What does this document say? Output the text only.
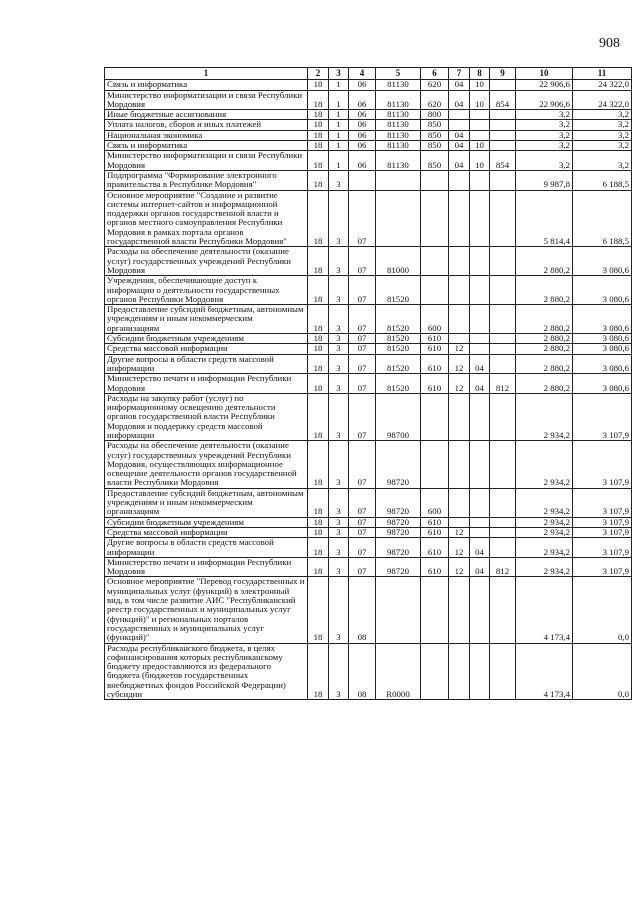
908
1	2	3	4	5	6	7	8	9	10	11
Связь и информатика	18	1	06	81130	620	04	10		22 906,6	24 322,0
Министерство информатизации и связи Республики Мордовия	18	1	06	81130	620	04	10	854	22 906,6	24 322,0
Иные бюджетные ассигнования	18	1	06	81130	800				3,2	3,2
Уплата налогов, сборов и иных платежей	18	1	06	81130	850				3,2	3,2
Национальная экономика	18	1	06	81130	850	04			3,2	3,2
Связь и информатика	18	1	06	81130	850	04	10		3,2	3,2
Министерство информатизации и связи Республики Мордовия	18	1	06	81130	850	04	10	854	3,2	3,2
Подпрограмма "Формирование электронного правительства в Республике Мордовия"	18	3							9 987,8	6 188,5
Основное мероприятие "Создание и развитие системы интернет-сайтов и информационной поддержки органов государственной власти и органов местного самоуправления Республики Мордовия в рамках портала органов государственной власти Республики Мордовия"	18	3	07						5 814,4	6 188,5
Расходы на обеспечение деятельности (оказание услуг) государственных учреждений Республики Мордовия	18	3	07	81000					2 880,2	3 080,6
Учреждения, обеспечивающие доступ к информации о деятельности государственных органов Республики Мордовия	18	3	07	81520					2 880,2	3 080,6
Предоставление субсидий бюджетным, автономным учреждениям и иным некоммерческим организациям	18	3	07	81520	600				2 880,2	3 080,6
Субсидии бюджетным учреждениям	18	3	07	81520	610				2 880,2	3 080,6
Средства массовой информации	18	3	07	81520	610	12			2 880,2	3 080,6
Другие вопросы в области средств массовой информации	18	3	07	81520	610	12	04		2 880,2	3 080,6
Министерство печати и информации Республики Мордовия	18	3	07	81520	610	12	04	812	2 880,2	3 080,6
Расходы на закупку работ (услуг) по информационному освещению деятельности органов государственной власти Республики Мордовия и поддержку средств массовой информации	18	3	07	98700					2 934,2	3 107,9
Расходы на обеспечение деятельности (оказание услуг) государственных учреждений Республики Мордовия, осуществляющих информационное освещение деятельности органов государственной власти Республики Мордовия	18	3	07	98720					2 934,2	3 107,9
Предоставление субсидий бюджетным, автономным учреждениям и иным некоммерческим организациям	18	3	07	98720	600				2 934,2	3 107,9
Субсидии бюджетным учреждениям	18	3	07	98720	610				2 934,2	3 107,9
Средства массовой информации	18	3	07	98720	610	12			2 934,2	3 107,9
Другие вопросы в области средств массовой информации	18	3	07	98720	610	12	04		2 934,2	3 107,9
Министерство печати и информации Республики Мордовия	18	3	07	98720	610	12	04	812	2 934,2	3 107,9
Основное мероприятие "Перевод государственных и муниципальных услуг (функций) в электронный вид, в том числе развитие АИС "Республиканский реестр государственных и муниципальных услуг (функций)" и региональных порталов государственных и муниципальных услуг (функций)"	18	3	08						4 173,4	0,0
Расходы республиканского бюджета, в целях софинансирования которых республиканскому бюджету предоставляются из федерального бюджета (бюджетов государственных внебюджетных фондов Российской Федерации) субсидии	18	3	08	R0000					4 173,4	0,0
